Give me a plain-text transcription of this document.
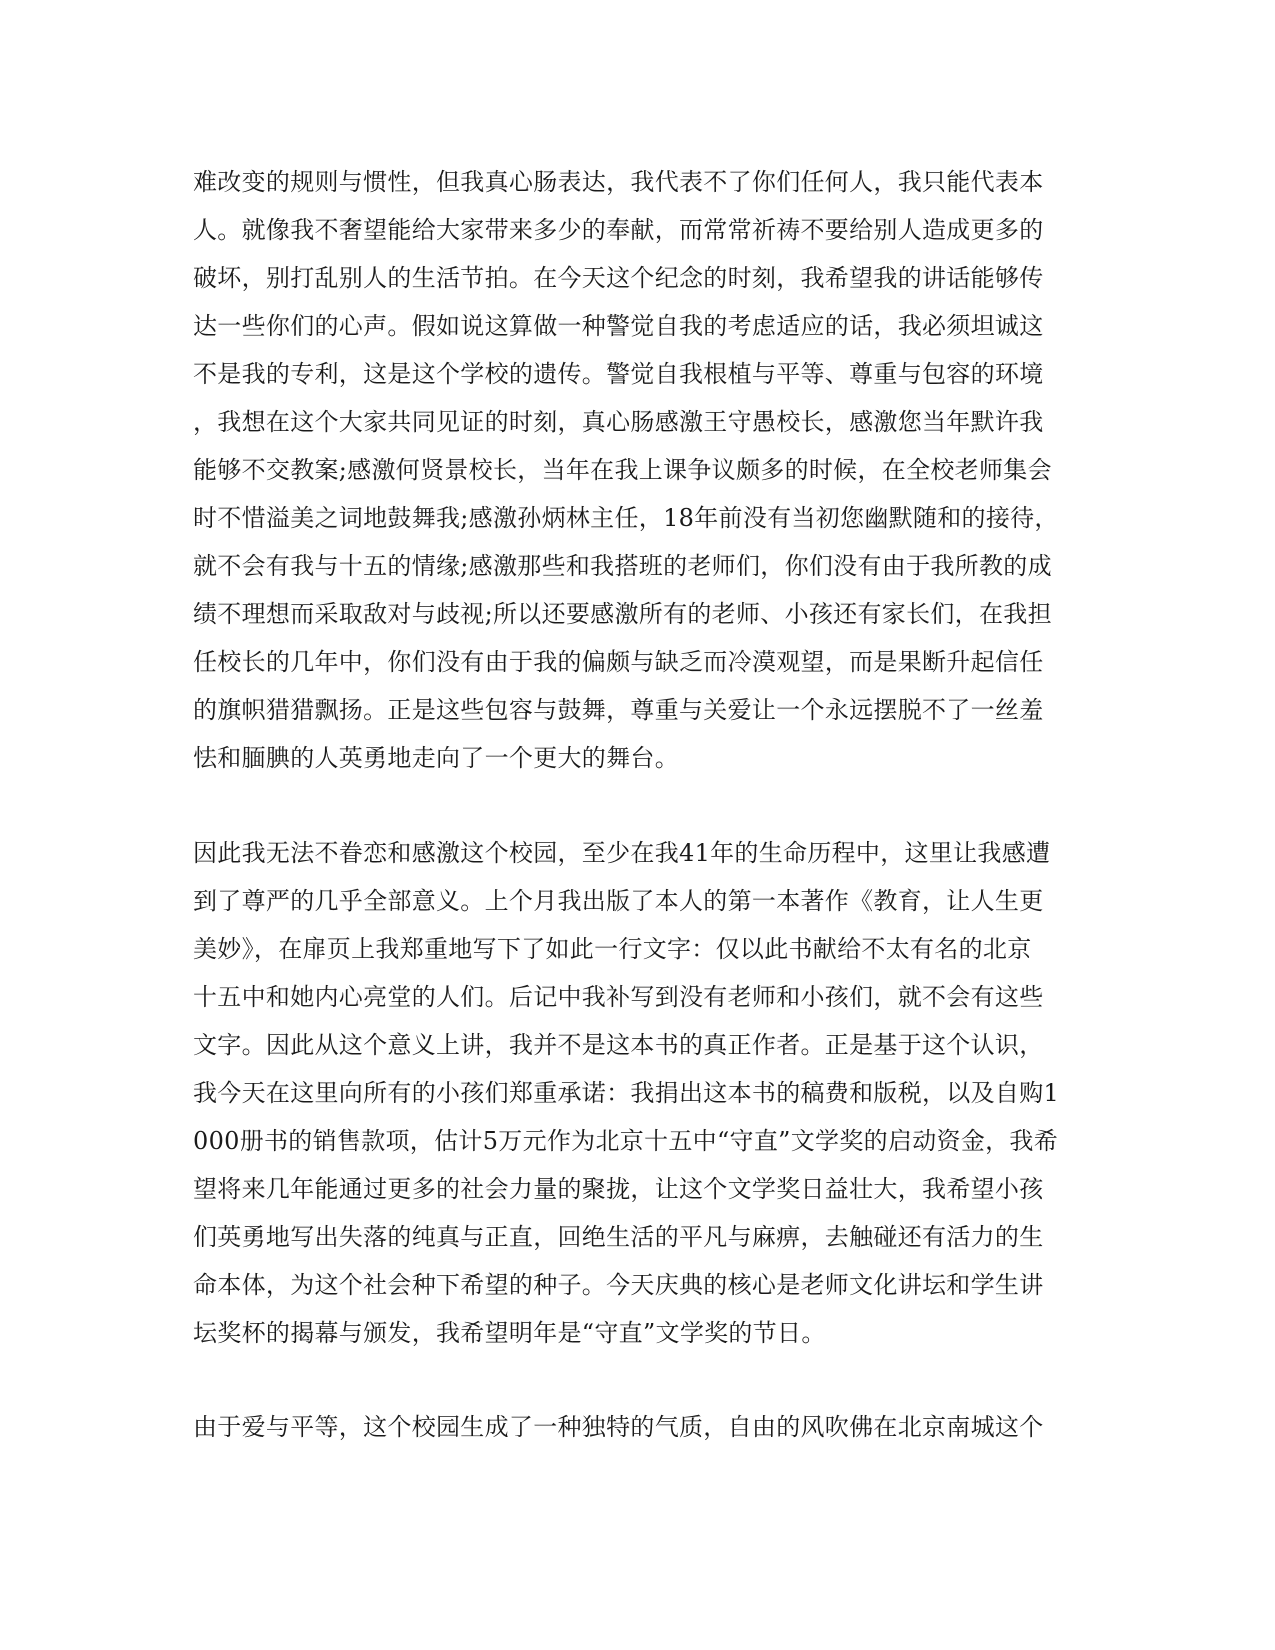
难改变的规则与惯性，但我真心肠表达，我代表不了你们任何人，我只能代表本
人。就像我不奢望能给大家带来多少的奉献，而常常祈祷不要给别人造成更多的
破坏，别打乱别人的生活节拍。在今天这个纪念的时刻，我希望我的讲话能够传
达一些你们的心声。假如说这算做一种警觉自我的考虑适应的话，我必须坦诚这
不是我的专利，这是这个学校的遗传。警觉自我根植与平等、尊重与包容的环境
，我想在这个大家共同见证的时刻，真心肠感激王守愚校长，感激您当年默许我
能够不交教案;感激何贤景校长，当年在我上课争议颇多的时候，在全校老师集会
时不惜溢美之词地鼓舞我;感激孙炳林主任，18年前没有当初您幽默随和的接待，
就不会有我与十五的情缘;感激那些和我搭班的老师们，你们没有由于我所教的成
绩不理想而采取敌对与歧视;所以还要感激所有的老师、小孩还有家长们，在我担
任校长的几年中，你们没有由于我的偏颇与缺乏而冷漠观望，而是果断升起信任
的旗帜猎猎飘扬。正是这些包容与鼓舞，尊重与关爱让一个永远摆脱不了一丝羞
怯和腼腆的人英勇地走向了一个更大的舞台。
因此我无法不眷恋和感激这个校园，至少在我41年的生命历程中，这里让我感遭
到了尊严的几乎全部意义。上个月我出版了本人的第一本著作《教育，让人生更
美妙》，在扉页上我郑重地写下了如此一行文字：仅以此书献给不太有名的北京
十五中和她内心亮堂的人们。后记中我补写到没有老师和小孩们，就不会有这些
文字。因此从这个意义上讲，我并不是这本书的真正作者。正是基于这个认识，
我今天在这里向所有的小孩们郑重承诺：我捐出这本书的稿费和版税，以及自购1
000册书的销售款项，估计5万元作为北京十五中“守直”文学奖的启动资金，我希
望将来几年能通过更多的社会力量的聚拢，让这个文学奖日益壮大，我希望小孩
们英勇地写出失落的纯真与正直，回绝生活的平凡与麻痹，去触碰还有活力的生
命本体，为这个社会种下希望的种子。今天庆典的核心是老师文化讲坛和学生讲
坛奖杯的揭幕与颁发，我希望明年是“守直”文学奖的节日。
由于爱与平等，这个校园生成了一种独特的气质，自由的风吹佛在北京南城这个
